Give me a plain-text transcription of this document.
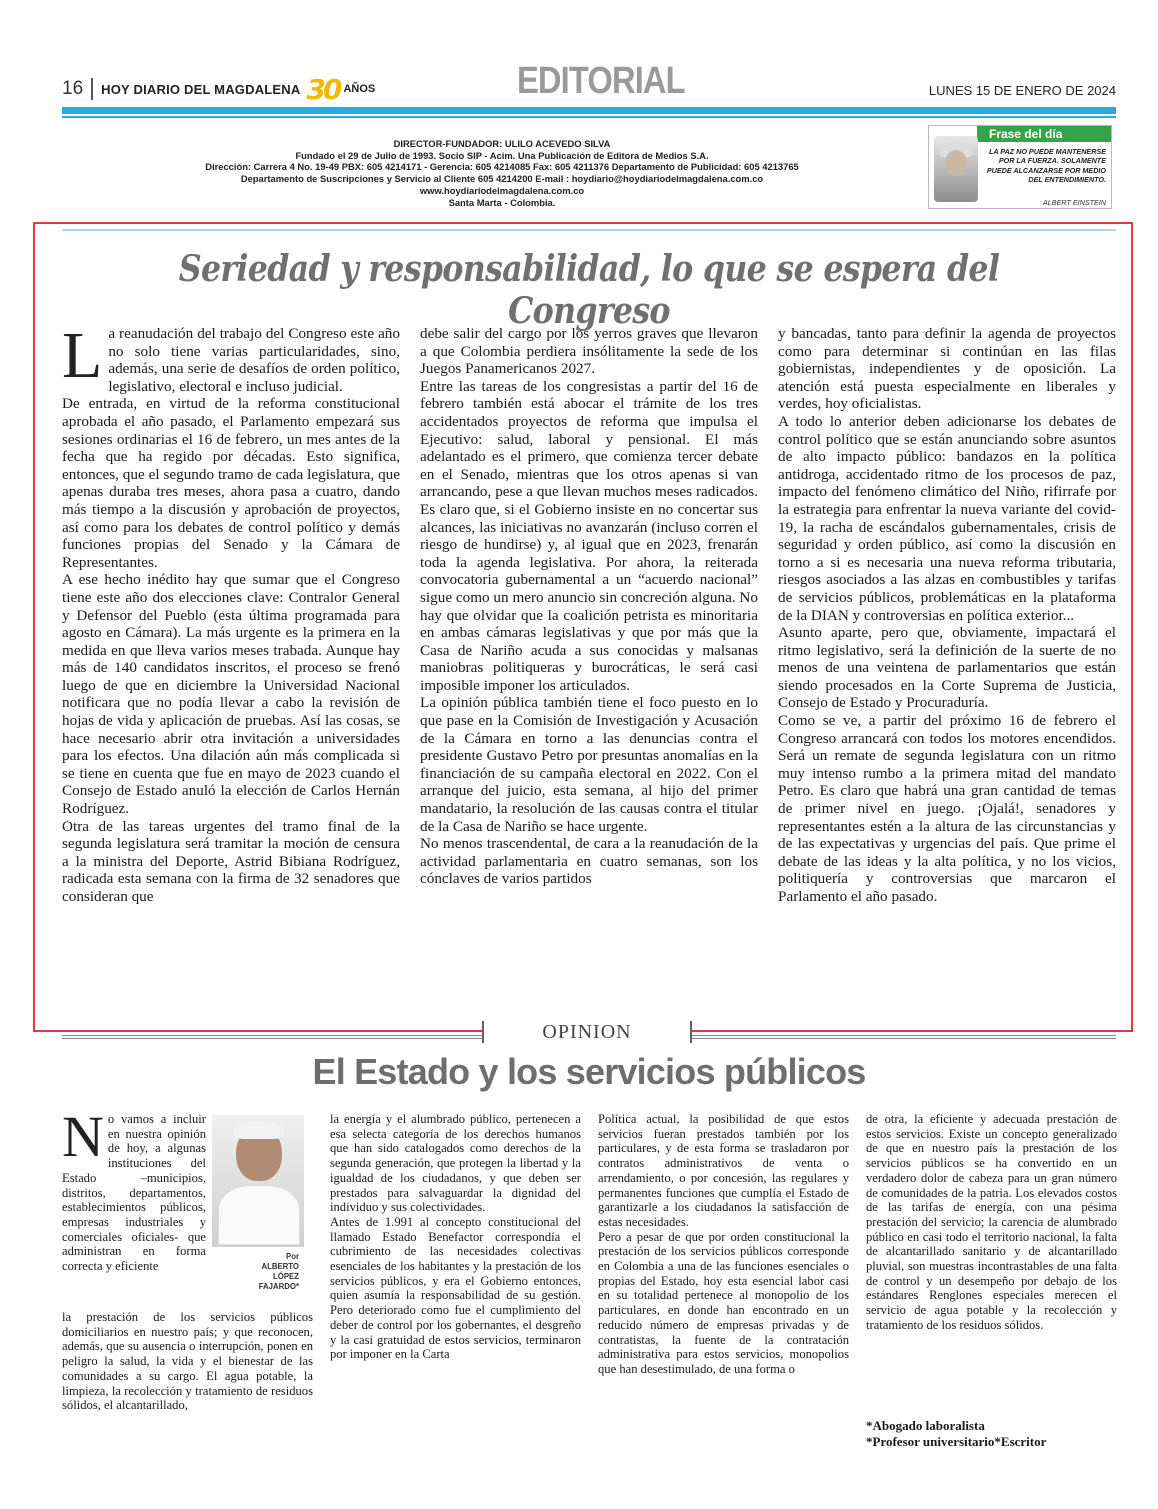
16	HOY DIARIO DEL MAGDALENA 30 AÑOS	EDITORIAL	LUNES 15 DE ENERO DE 2024
DIRECTOR-FUNDADOR: ULILO ACEVEDO SILVA
Fundado el 29 de Julio de 1993. Socio SIP - Acim. Una Publicación de Editora de Medios S.A.
Dirección: Carrera 4 No. 19-49 PBX: 605 4214171 - Gerencia: 605 4214085 Fax: 605 4211376 Departamento de Publicidad: 605 4213765
Departamento de Suscripciones y Servicio al Cliente 605 4214200 E-mail : hoydiario@hoydiariodelmagdalena.com.co
www.hoydiariodelmagdalena.com.co
Santa Marta - Colombia.
Frase del día
LA PAZ NO PUEDE MANTENERSE POR LA FUERZA. SOLAMENTE PUEDE ALCANZARSE POR MEDIO DEL ENTENDIMIENTO.
ALBERT EINSTEIN
Seriedad y responsabilidad, lo que se espera del Congreso

La reanudación del trabajo del Congreso este año no solo tiene varias particularidades, sino, además, una serie de desafíos de orden político, legislativo, electoral e incluso judicial.

De entrada, en virtud de la reforma constitucional aprobada el año pasado, el Parlamento empezará sus sesiones ordinarias el 16 de febrero, un mes antes de la fecha que ha regido por décadas. Esto significa, entonces, que el segundo tramo de cada legislatura, que apenas duraba tres meses, ahora pasa a cuatro, dando más tiempo a la discusión y aprobación de proyectos, así como para los debates de control político y demás funciones propias del Senado y la Cámara de Representantes.

A ese hecho inédito hay que sumar que el Congreso tiene este año dos elecciones clave: Contralor General y Defensor del Pueblo (esta última programada para agosto en Cámara). La más urgente es la primera en la medida en que lleva varios meses trabada. Aunque hay más de 140 candidatos inscritos, el proceso se frenó luego de que en diciembre la Universidad Nacional notificara que no podía llevar a cabo la revisión de hojas de vida y aplicación de pruebas. Así las cosas, se hace necesario abrir otra invitación a universidades para los efectos. Una dilación aún más complicada si se tiene en cuenta que fue en mayo de 2023 cuando el Consejo de Estado anuló la elección de Carlos Hernán Rodríguez.

Otra de las tareas urgentes del tramo final de la segunda legislatura será tramitar la moción de censura a la ministra del Deporte, Astrid Bibiana Rodríguez, radicada esta semana con la firma de 32 senadores que consideran que

debe salir del cargo por los yerros graves que llevaron a que Colombia perdiera insólitamente la sede de los Juegos Panamericanos 2027.

Entre las tareas de los congresistas a partir del 16 de febrero también está abocar el trámite de los tres accidentados proyectos de reforma que impulsa el Ejecutivo: salud, laboral y pensional. El más adelantado es el primero, que comienza tercer debate en el Senado, mientras que los otros apenas si van arrancando, pese a que llevan muchos meses radicados. Es claro que, si el Gobierno insiste en no concertar sus alcances, las iniciativas no avanzarán (incluso corren el riesgo de hundirse) y, al igual que en 2023, frenarán toda la agenda legislativa. Por ahora, la reiterada convocatoria gubernamental a un “acuerdo nacional” sigue como un mero anuncio sin concreción alguna. No hay que olvidar que la coalición petrista es minoritaria en ambas cámaras legislativas y que por más que la Casa de Nariño acuda a sus conocidas y malsanas maniobras politiqueras y burocráticas, le será casi imposible imponer los articulados.

La opinión pública también tiene el foco puesto en lo que pase en la Comisión de Investigación y Acusación de la Cámara en torno a las denuncias contra el presidente Gustavo Petro por presuntas anomalías en la financiación de su campaña electoral en 2022. Con el arranque del juicio, esta semana, al hijo del primer mandatario, la resolución de las causas contra el titular de la Casa de Nariño se hace urgente.

No menos trascendental, de cara a la reanudación de la actividad parlamentaria en cuatro semanas, son los cónclaves de varios partidos

y bancadas, tanto para definir la agenda de proyectos como para determinar si continúan en las filas gobiernistas, independientes y de oposición. La atención está puesta especialmente en liberales y verdes, hoy oficialistas.

A todo lo anterior deben adicionarse los debates de control político que se están anunciando sobre asuntos de alto impacto público: bandazos en la política antidroga, accidentado ritmo de los procesos de paz, impacto del fenómeno climático del Niño, rifirrafe por la estrategia para enfrentar la nueva variante del covid-19, la racha de escándalos gubernamentales, crisis de seguridad y orden público, así como la discusión en torno a si es necesaria una nueva reforma tributaria, riesgos asociados a las alzas en combustibles y tarifas de servicios públicos, problemáticas en la plataforma de la DIAN y controversias en política exterior...

Asunto aparte, pero que, obviamente, impactará el ritmo legislativo, será la definición de la suerte de no menos de una veintena de parlamentarios que están siendo procesados en la Corte Suprema de Justicia, Consejo de Estado y Procuraduría.

Como se ve, a partir del próximo 16 de febrero el Congreso arrancará con todos los motores encendidos. Será un remate de segunda legislatura con un ritmo muy intenso rumbo a la primera mitad del mandato Petro. Es claro que habrá una gran cantidad de temas de primer nivel en juego. ¡Ojalá!, senadores y representantes estén a la altura de las circunstancias y de las expectativas y urgencias del país. Que prime el debate de las ideas y la alta política, y no los vicios, politiquería y controversias que marcaron el Parlamento el año pasado.

OPINION
El Estado y los servicios públicos
Por
ALBERTO
LÓPEZ
FAJARDO*

No vamos a incluir en nuestra opinión de hoy, a algunas instituciones del Estado –municipios, distritos, departamentos, establecimientos públicos, empresas industriales y comerciales oficiales- que administran en forma correcta y eficiente

la prestación de los servicios públicos domiciliarios en nuestro país; y que reconocen, además, que su ausencia o interrupción, ponen en peligro la salud, la vida y el bienestar de las comunidades a su cargo. El agua potable, la limpieza, la recolección y tratamiento de residuos sólidos, el alcantarillado,

la energía y el alumbrado público, pertenecen a esa selecta categoría de los derechos humanos que han sido catalogados como derechos de la segunda generación, que protegen la libertad y la igualdad de los ciudadanos, y que deben ser prestados para salvaguardar la dignidad del individuo y sus colectividades.

Antes de 1.991 al concepto constitucional del llamado Estado Benefactor correspondía el cubrimiento de las necesidades colectivas esenciales de los habitantes y la prestación de los servicios públicos, y era el Gobierno entonces, quien asumía la responsabilidad de su gestión. Pero deteriorado como fue el cumplimiento del deber de control por los gobernantes, el desgreño y la casi gratuidad de estos servicios, terminaron por imponer en la Carta

Política actual, la posibilidad de que estos servicios fueran prestados también por los particulares, y de esta forma se trasladaron por contratos administrativos de venta o arrendamiento, o por concesión, las regulares y permanentes funciones que cumplía el Estado de garantizarle a los ciudadanos la satisfacción de estas necesidades.

Pero a pesar de que por orden constitucional la prestación de los servicios públicos corresponde en Colombia a una de las funciones esenciales o propias del Estado, hoy esta esencial labor casi en su totalidad pertenece al monopolio de los particulares, en donde han encontrado en un reducido número de empresas privadas y de contratistas, la fuente de la contratación administrativa para estos servicios, monopolios que han desestimulado, de una forma o

de otra, la eficiente y adecuada prestación de estos servicios. Existe un concepto generalizado de que en nuestro país la prestación de los servicios públicos se ha convertido en un verdadero dolor de cabeza para un gran número de comunidades de la patria. Los elevados costos de las tarifas de energía, con una pésima prestación del servicio; la carencia de alumbrado público en casi todo el territorio nacional, la falta de alcantarillado sanitario y de alcantarillado pluvial, son muestras incontrastables de una falta de control y un desempeño por debajo de los estándares Renglones especiales merecen el servicio de agua potable y la recolección y tratamiento de los residuos sólidos.

*Abogado laboralista
*Profesor universitario*Escritor
